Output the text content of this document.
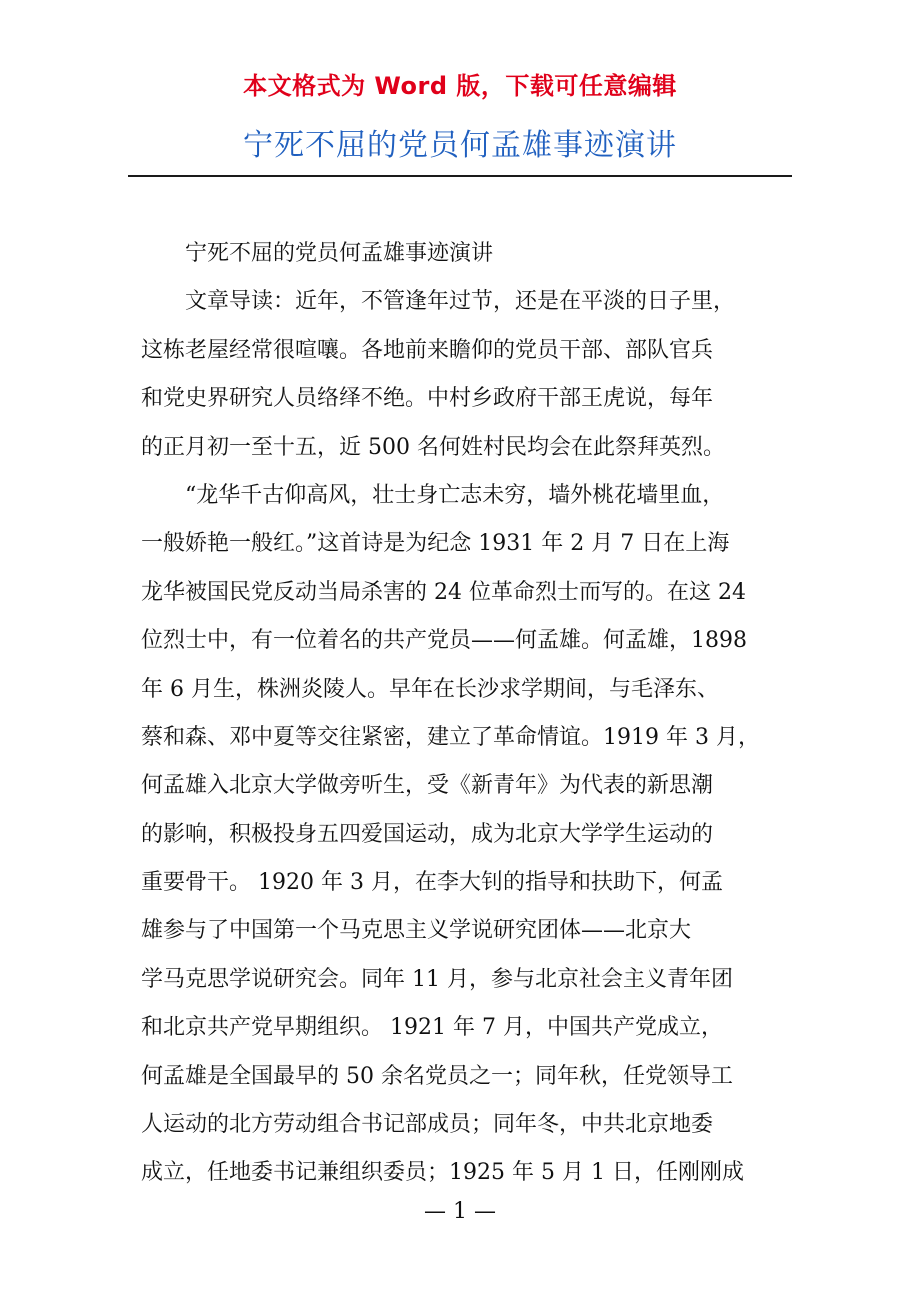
本文格式为 Word 版，下载可任意编辑
宁死不屈的党员何孟雄事迹演讲
宁死不屈的党员何孟雄事迹演讲
文章导读：近年，不管逢年过节，还是在平淡的日子里，
这栋老屋经常很喧嚷。各地前来瞻仰的党员干部、部队官兵
和党史界研究人员络绎不绝。中村乡政府干部王虎说，每年
的正月初一至十五，近 500 名何姓村民均会在此祭拜英烈。
“龙华千古仰高风，壮士身亡志未穷，墙外桃花墙里血，
一般娇艳一般红。”这首诗是为纪念 1931 年 2 月 7 日在上海
龙华被国民党反动当局杀害的 24 位革命烈士而写的。在这 24
位烈士中，有一位着名的共产党员——何孟雄。何孟雄，1898
年 6 月生，株洲炎陵人。早年在长沙求学期间，与毛泽东、
蔡和森、邓中夏等交往紧密，建立了革命情谊。1919 年 3 月，
何孟雄入北京大学做旁听生，受《新青年》为代表的新思潮
的影响，积极投身五四爱国运动，成为北京大学学生运动的
重要骨干。 1920 年 3 月，在李大钊的指导和扶助下，何孟
雄参与了中国第一个马克思主义学说研究团体——北京大
学马克思学说研究会。同年 11 月，参与北京社会主义青年团
和北京共产党早期组织。 1921 年 7 月，中国共产党成立，
何孟雄是全国最早的 50 余名党员之一；同年秋，任党领导工
人运动的北方劳动组合书记部成员；同年冬，中共北京地委
成立，任地委书记兼组织委员；1925 年 5 月 1 日，任刚刚成
— 1 —
